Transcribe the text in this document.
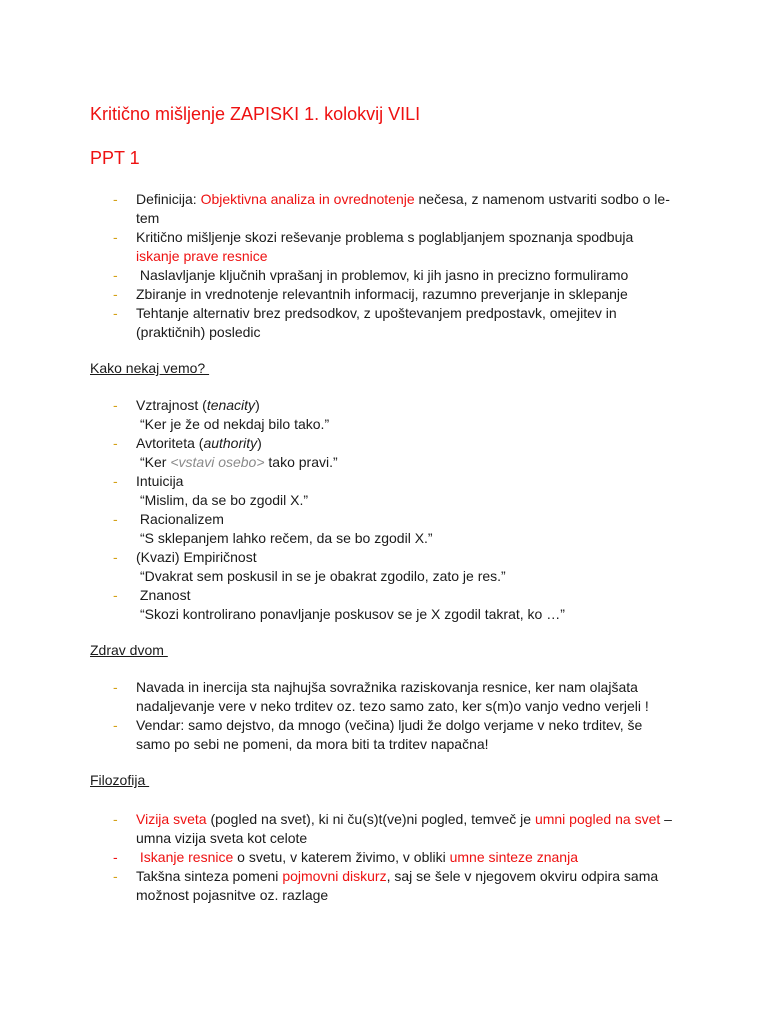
Kritično mišljenje ZAPISKI 1. kolokvij VILI
PPT 1
- Definicija: Objektivna analiza in ovrednotenje nečesa, z namenom ustvariti sodbo o le-tem
- Kritično mišljenje skozi reševanje problema s poglabljanjem spoznanja spodbuja iskanje prave resnice
- Naslavljanje ključnih vprašanj in problemov, ki jih jasno in precizno formuliramo
- Zbiranje in vrednotenje relevantnih informacij, razumno preverjanje in sklepanje
- Tehtanje alternativ brez predsodkov, z upoštevanjem predpostavk, omejitev in (praktičnih) posledic
Kako nekaj vemo?
- Vztrajnost (tenacity)
“Ker je že od nekdaj bilo tako.”
- Avtoriteta (authority)
“Ker <vstavi osebo> tako pravi.”
- Intuicija
“Mislim, da se bo zgodil X.”
- Racionalizem
“S sklepanjem lahko rečem, da se bo zgodil X.”
- (Kvazi) Empiričnost
“Dvakrat sem poskusil in se je obakrat zgodilo, zato je res.”
- Znanost
“Skozi kontrolirano ponavljanje poskusov se je X zgodil takrat, ko …”
Zdrav dvom
- Navada in inercija sta najhujša sovražnika raziskovanja resnice, ker nam olajšata nadaljevanje vere v neko trditev oz. tezo samo zato, ker s(m)o vanjo vedno verjeli !
- Vendar: samo dejstvo, da mnogo (večina) ljudi že dolgo verjame v neko trditev, še samo po sebi ne pomeni, da mora biti ta trditev napačna!
Filozofija
- Vizija sveta (pogled na svet), ki ni ču(s)t(ve)ni pogled, temveč je umni pogled na svet – umna vizija sveta kot celote
- Iskanje resnice o svetu, v katerem živimo, v obliki umne sinteze znanja
- Takšna sinteza pomeni pojmovni diskurz, saj se šele v njegovem okviru odpira sama možnost pojasnitve oz. razlage
